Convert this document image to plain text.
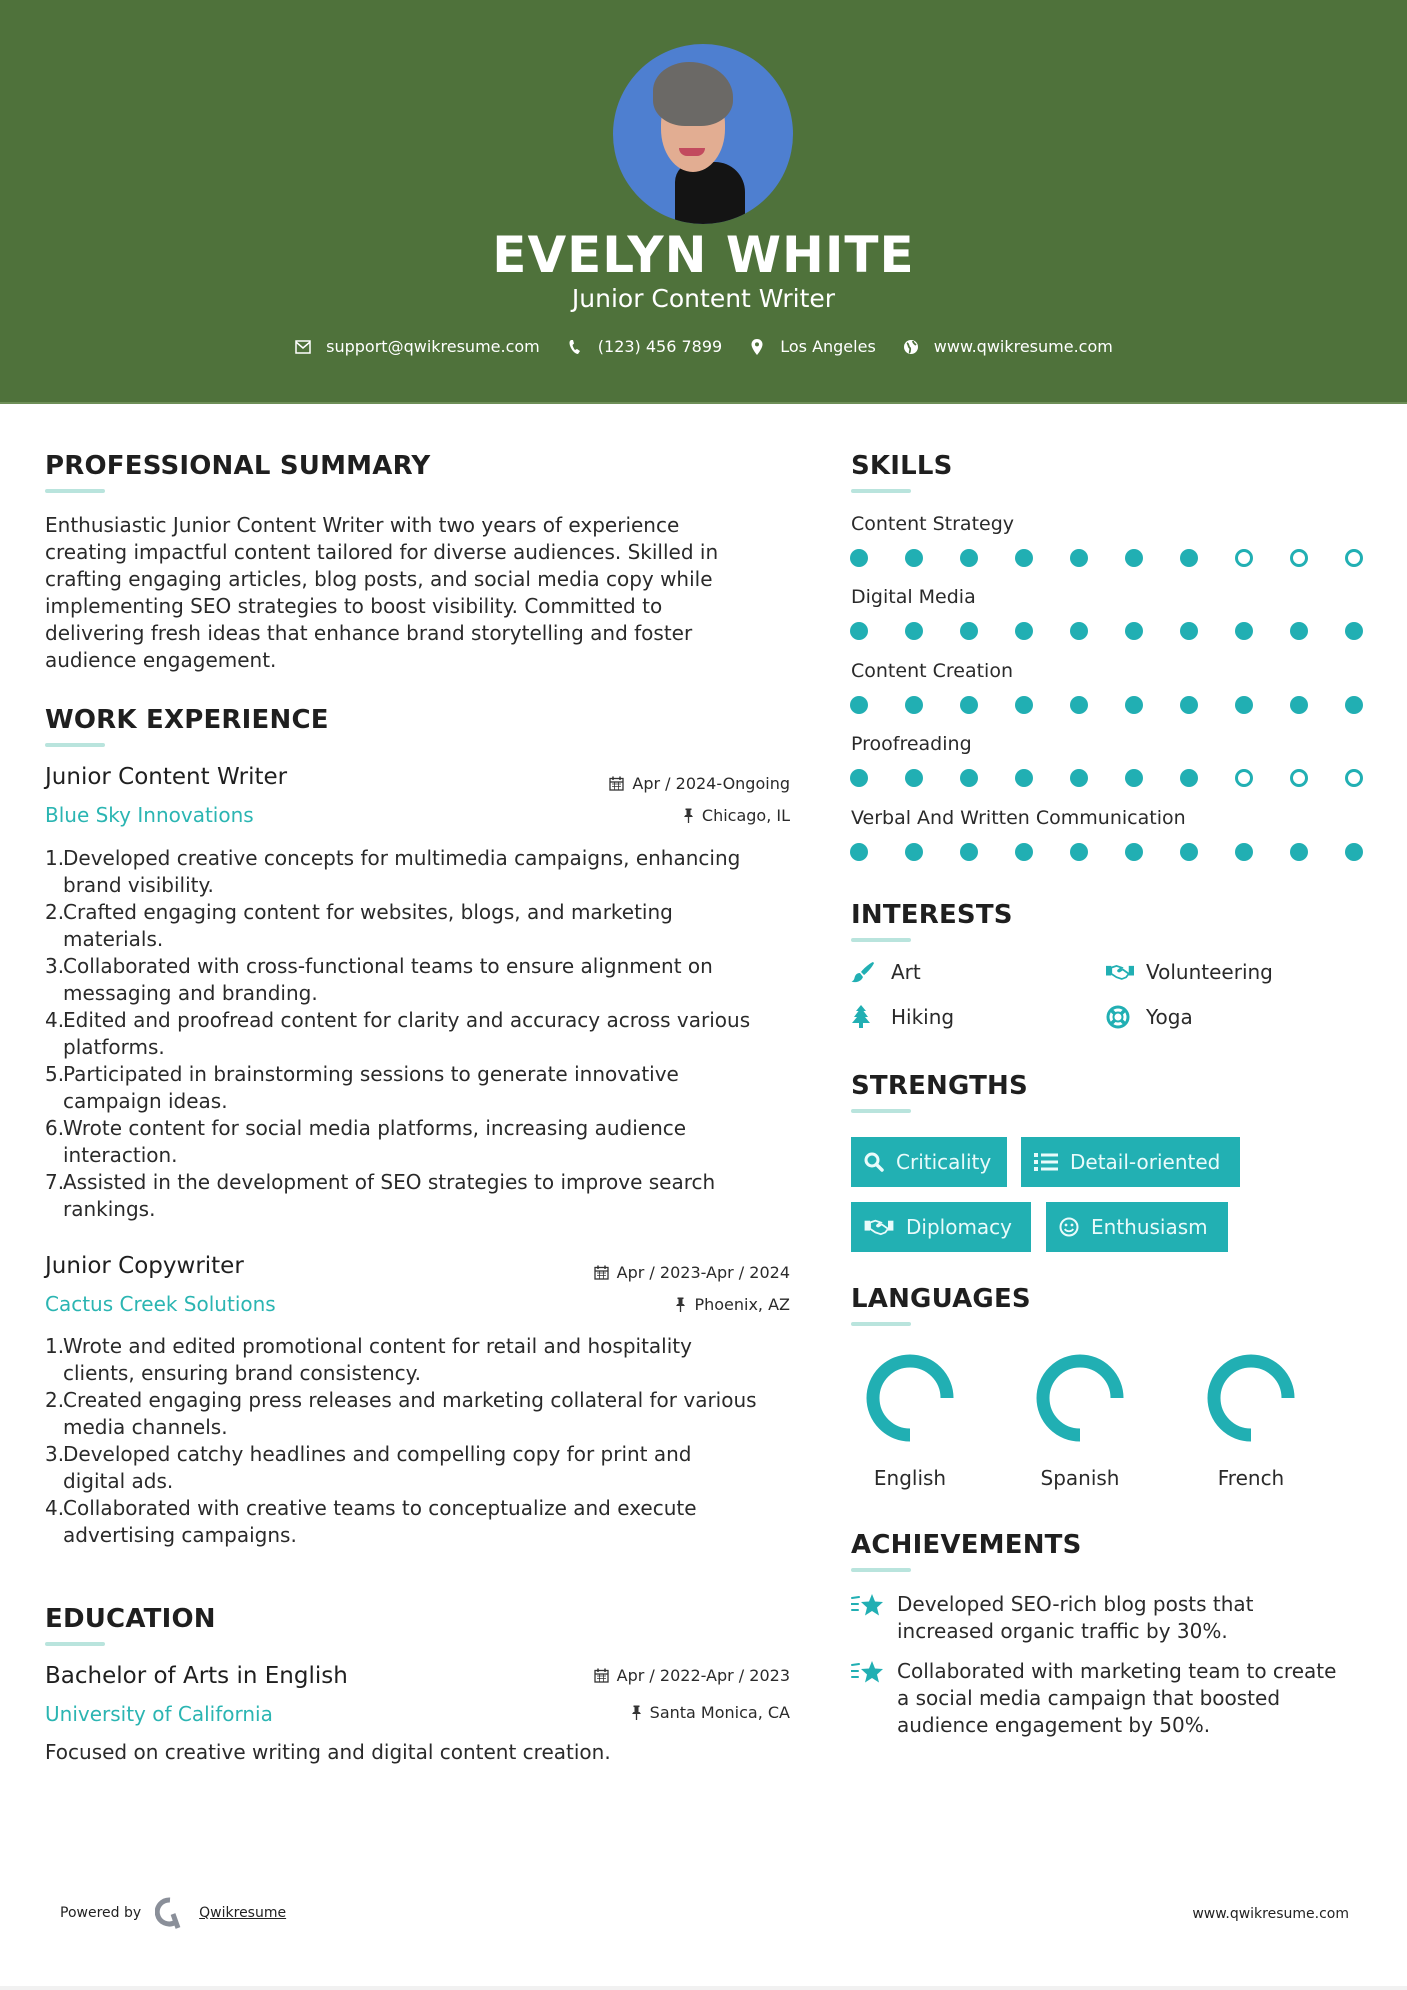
EVELYN WHITE
Junior Content Writer
support@qwikresume.com	(123) 456 7899	Los Angeles	www.qwikresume.com
PROFESSIONAL SUMMARY
Enthusiastic Junior Content Writer with two years of experience
creating impactful content tailored for diverse audiences. Skilled in
crafting engaging articles, blog posts, and social media copy while
implementing SEO strategies to boost visibility. Committed to
delivering fresh ideas that enhance brand storytelling and foster
audience engagement.
WORK EXPERIENCE
Junior Content Writer
Blue Sky Innovations
Apr / 2024-Ongoing
Chicago, IL
1.
Developed creative concepts for multimedia campaigns, enhancing
brand visibility.
2.
Crafted engaging content for websites, blogs, and marketing
materials.
3.
Collaborated with cross-functional teams to ensure alignment on
messaging and branding.
4.
Edited and proofread content for clarity and accuracy across various
platforms.
5.
Participated in brainstorming sessions to generate innovative
campaign ideas.
6.
Wrote content for social media platforms, increasing audience
interaction.
7.
Assisted in the development of SEO strategies to improve search
rankings.
Junior Copywriter
Cactus Creek Solutions
Apr / 2023-Apr / 2024
Phoenix, AZ
1.
Wrote and edited promotional content for retail and hospitality
clients, ensuring brand consistency.
2.
Created engaging press releases and marketing collateral for various
media channels.
3.
Developed catchy headlines and compelling copy for print and
digital ads.
4.
Collaborated with creative teams to conceptualize and execute
advertising campaigns.
EDUCATION
Bachelor of Arts in English
University of California
Apr / 2022-Apr / 2023
Santa Monica, CA
Focused on creative writing and digital content creation.
SKILLS
Content Strategy
Digital Media
Content Creation
Proofreading
Verbal And Written Communication
INTERESTS
Art	Volunteering
Hiking	Yoga
STRENGTHS
Criticality	Detail-oriented
Diplomacy	Enthusiasm
LANGUAGES
English	Spanish	French
ACHIEVEMENTS
Developed SEO-rich blog posts that
increased organic traffic by 30%.
Collaborated with marketing team to create
a social media campaign that boosted
audience engagement by 50%.
Powered by	Qwikresume	www.qwikresume.com
